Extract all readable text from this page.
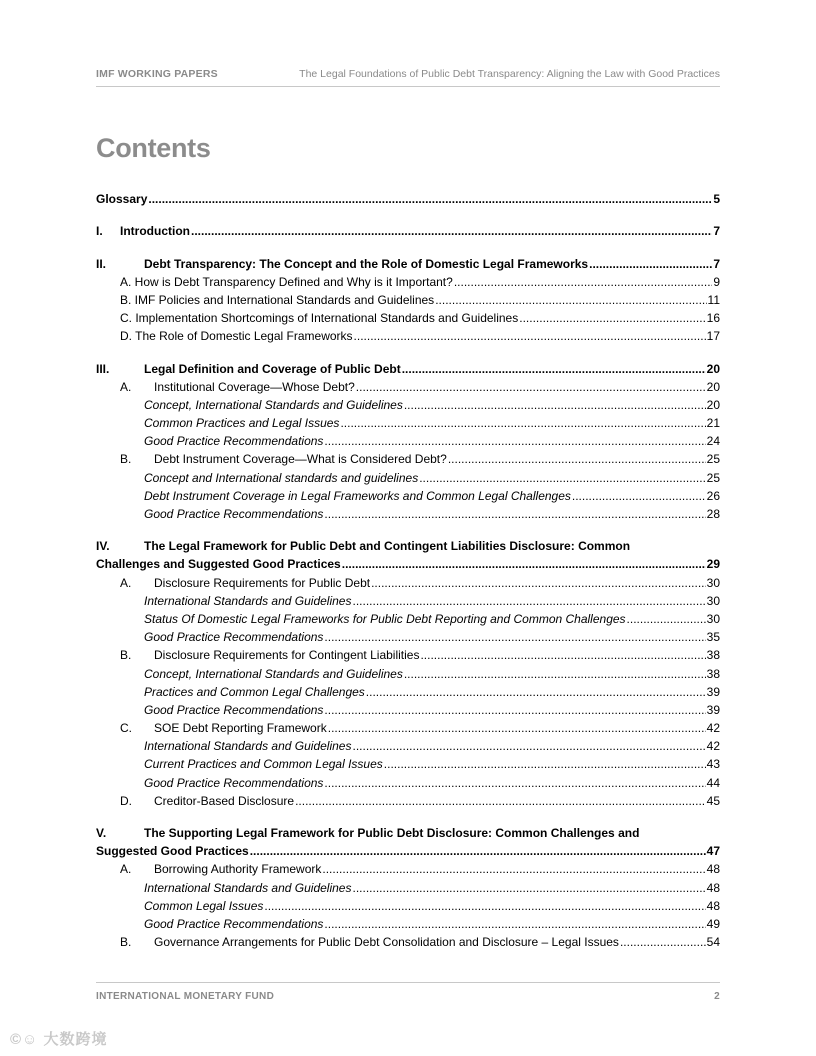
IMF WORKING PAPERS	The Legal Foundations of Public Debt Transparency: Aligning the Law with Good Practices
Contents
Glossary .....	5
I.	Introduction .....	7
II.	Debt Transparency: The Concept and the Role of Domestic Legal Frameworks .....	7
A. How is Debt Transparency Defined and Why is it Important? .....	9
B. IMF Policies and International Standards and Guidelines .....	11
C. Implementation Shortcomings of International Standards and Guidelines .....	16
D. The Role of Domestic Legal Frameworks .....	17
III.	Legal Definition and Coverage of Public Debt .....	20
A.	Institutional Coverage—Whose Debt? .....	20
Concept, International Standards and Guidelines .....	20
Common Practices and Legal Issues .....	21
Good Practice Recommendations .....	24
B.	Debt Instrument Coverage—What is Considered Debt? .....	25
Concept and International standards and guidelines .....	25
Debt Instrument Coverage in Legal Frameworks and Common Legal Challenges .....	26
Good Practice Recommendations .....	28
IV.	The Legal Framework for Public Debt and Contingent Liabilities Disclosure: Common
Challenges and Suggested Good Practices .....	29
A.	Disclosure Requirements for Public Debt .....	30
International Standards and Guidelines .....	30
Status Of Domestic Legal Frameworks for Public Debt Reporting and Common Challenges .....	30
Good Practice Recommendations .....	35
B.	Disclosure Requirements for Contingent Liabilities .....	38
Concept, International Standards and Guidelines .....	38
Practices and Common Legal Challenges .....	39
Good Practice Recommendations .....	39
C.	SOE Debt Reporting Framework .....	42
International Standards and Guidelines .....	42
Current Practices and Common Legal Issues .....	43
Good Practice Recommendations .....	44
D.	Creditor-Based Disclosure .....	45
V.	The Supporting Legal Framework for Public Debt Disclosure: Common Challenges and
Suggested Good Practices .....	47
A.	Borrowing Authority Framework .....	48
International Standards and Guidelines .....	48
Common Legal Issues .....	48
Good Practice Recommendations .....	49
B.	Governance Arrangements for Public Debt Consolidation and Disclosure – Legal Issues .....	54
INTERNATIONAL MONETARY FUND	2
©☺ 大数跨境
